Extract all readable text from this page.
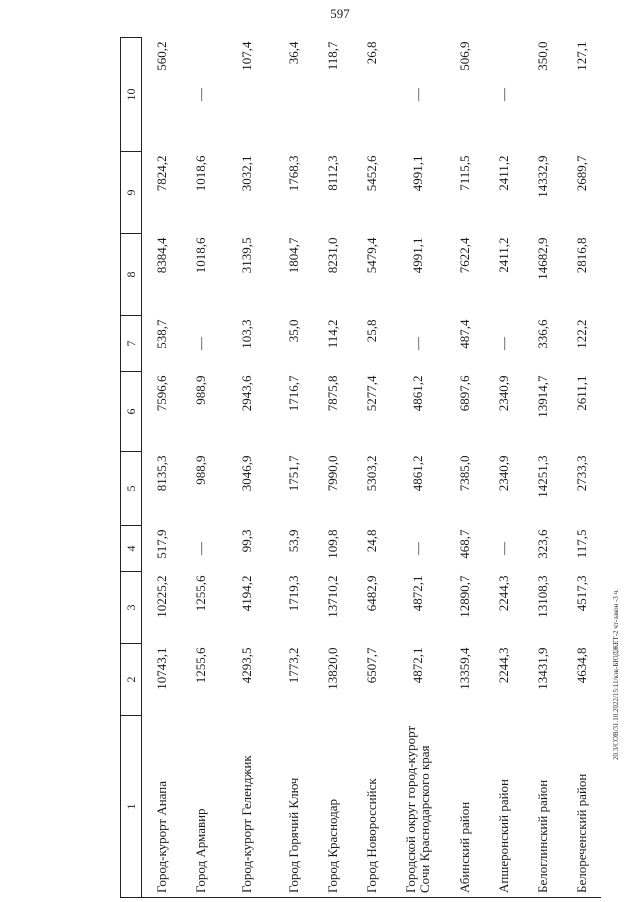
597
1	2	3	4	5	6	7	8	9	10
Город-курорт Анапа	10743,1	10225,2	517,9	8135,3	7596,6	538,7	8384,4	7824,2	560,2
Город Армавир	1255,6	1255,6	—	988,9	988,9	—	1018,6	1018,6	—
Город-курорт Геленджик	4293,5	4194,2	99,3	3046,9	2943,6	103,3	3139,5	3032,1	107,4
Город Горячий Ключ	1773,2	1719,3	53,9	1751,7	1716,7	35,0	1804,7	1768,3	36,4
Город Краснодар	13820,0	13710,2	109,8	7990,0	7875,8	114,2	8231,0	8112,3	118,7
Город Новороссийск	6507,7	6482,9	24,8	5303,2	5277,4	25,8	5479,4	5452,6	26,8
Городской округ город-курорт Сочи Краснодарского края	4872,1	4872,1	—	4861,2	4861,2	—	4991,1	4991,1	—
Абинский район	13359,4	12890,7	468,7	7385,0	6897,6	487,4	7622,4	7115,5	506,9
Апшеронский район	2244,3	2244,3	—	2340,9	2340,9	—	2411,2	2411,2	—
Белоглинский район	13431,9	13108,3	323,6	14251,3	13914,7	336,6	14682,9	14332,9	350,0
Белореченский район	4634,8	4517,3	117,5	2733,3	2611,1	122,2	2816,8	2689,7	127,1
20.3/СОВ/31.10.2022/15:11/кзк-БЮДЖЕТ-2 чт-закон -3 ч.
